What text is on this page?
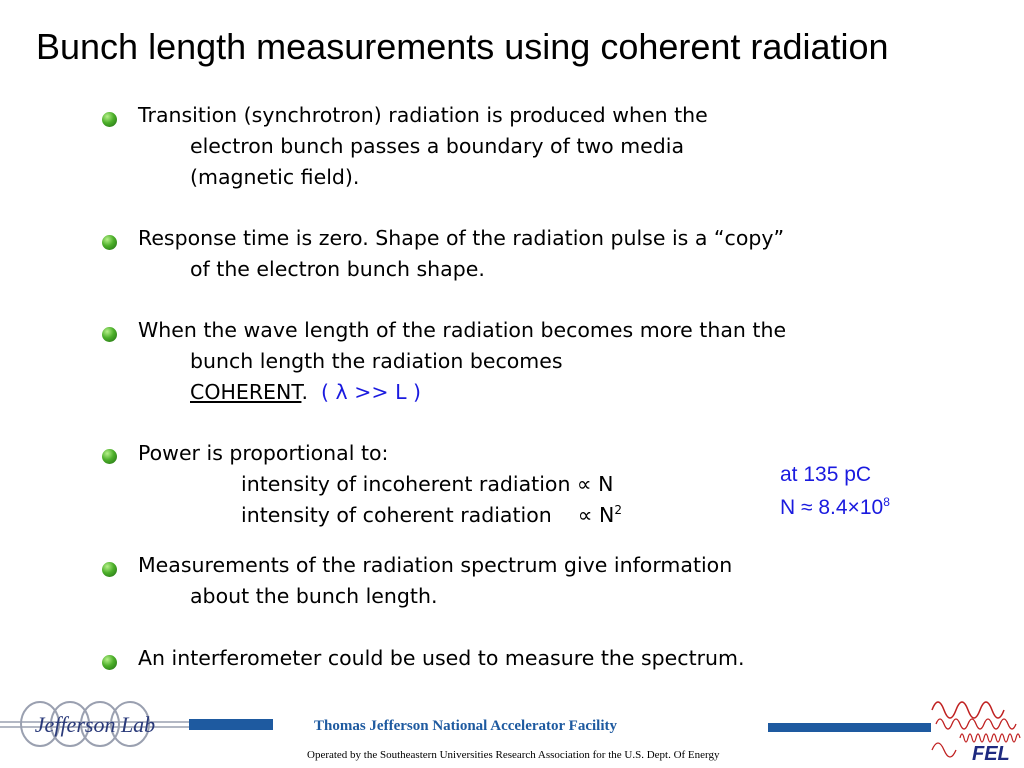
Bunch length measurements using coherent radiation
Transition (synchrotron) radiation is produced when the
electron bunch passes a boundary of two media
(magnetic field).
Response time is zero. Shape of the radiation pulse is a “copy”
of the electron bunch shape.
When the wave length of the radiation becomes more than the
bunch length the radiation becomes
COHERENT. ( λ >> L )
Power is proportional to:
intensity of incoherent radiation ∝ N
intensity of coherent radiation ∝ $N^2$
at 135 pC
$N \approx 8.4\times 10^8$
Measurements of the radiation spectrum give information
about the bunch length.
An interferometer could be used to measure the spectrum.
Jefferson Lab	Thomas Jefferson National Accelerator Facility
Operated by the Southeastern Universities Research Association for the U.S. Dept. Of Energy	FEL
